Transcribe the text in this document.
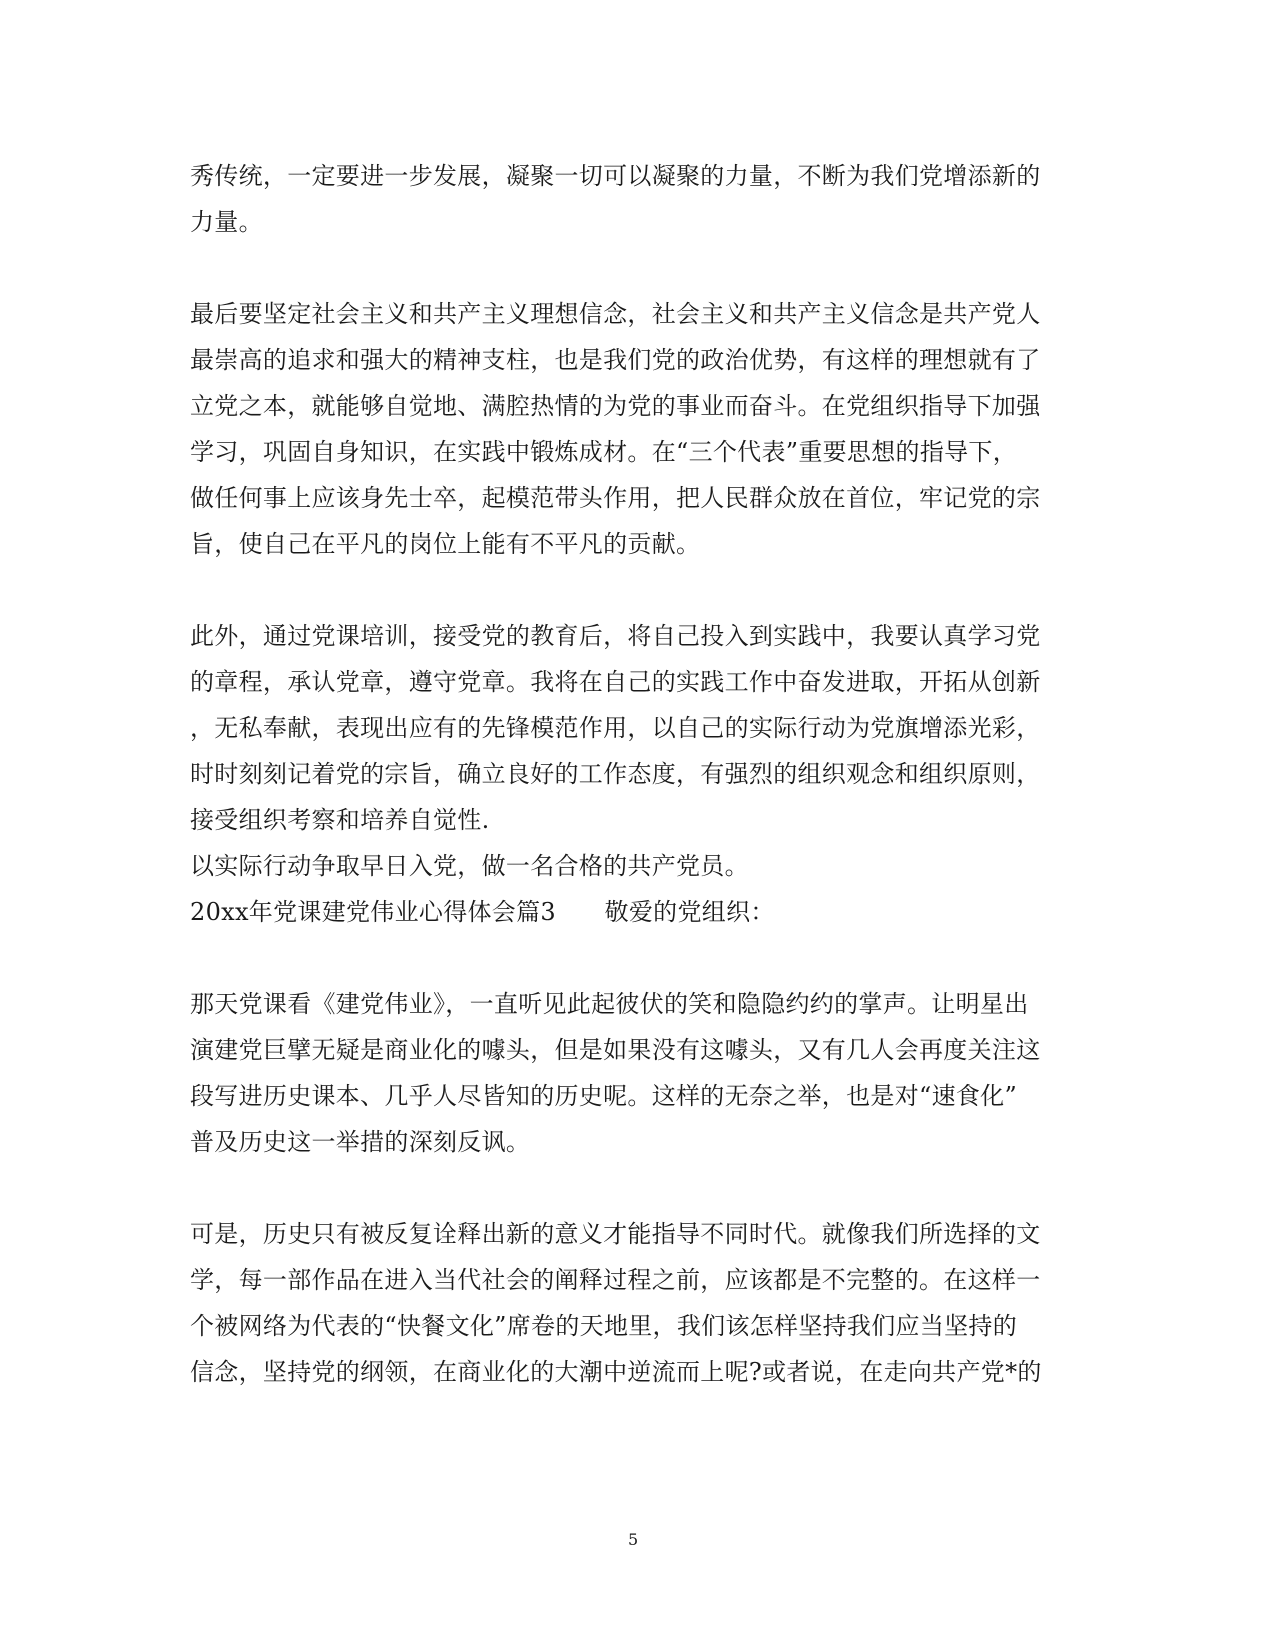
秀传统，一定要进一步发展，凝聚一切可以凝聚的力量，不断为我们党增添新的
力量。
最后要坚定社会主义和共产主义理想信念，社会主义和共产主义信念是共产党人
最崇高的追求和强大的精神支柱，也是我们党的政治优势，有这样的理想就有了
立党之本，就能够自觉地、满腔热情的为党的事业而奋斗。在党组织指导下加强
学习，巩固自身知识，在实践中锻炼成材。在“三个代表”重要思想的指导下，
做任何事上应该身先士卒，起模范带头作用，把人民群众放在首位，牢记党的宗
旨，使自己在平凡的岗位上能有不平凡的贡献。
此外，通过党课培训，接受党的教育后，将自己投入到实践中，我要认真学习党
的章程，承认党章，遵守党章。我将在自己的实践工作中奋发进取，开拓从创新
，无私奉献，表现出应有的先锋模范作用，以自己的实际行动为党旗增添光彩，
时时刻刻记着党的宗旨，确立良好的工作态度，有强烈的组织观念和组织原则，
接受组织考察和培养自觉性.
以实际行动争取早日入党，做一名合格的共产党员。
20xx年党课建党伟业心得体会篇3　　敬爱的党组织：
那天党课看《建党伟业》，一直听见此起彼伏的笑和隐隐约约的掌声。让明星出
演建党巨擘无疑是商业化的噱头，但是如果没有这噱头，又有几人会再度关注这
段写进历史课本、几乎人尽皆知的历史呢。这样的无奈之举，也是对“速食化”
普及历史这一举措的深刻反讽。
可是，历史只有被反复诠释出新的意义才能指导不同时代。就像我们所选择的文
学，每一部作品在进入当代社会的阐释过程之前，应该都是不完整的。在这样一
个被网络为代表的“快餐文化”席卷的天地里，我们该怎样坚持我们应当坚持的
信念，坚持党的纲领，在商业化的大潮中逆流而上呢?或者说，在走向共产党*的
5
